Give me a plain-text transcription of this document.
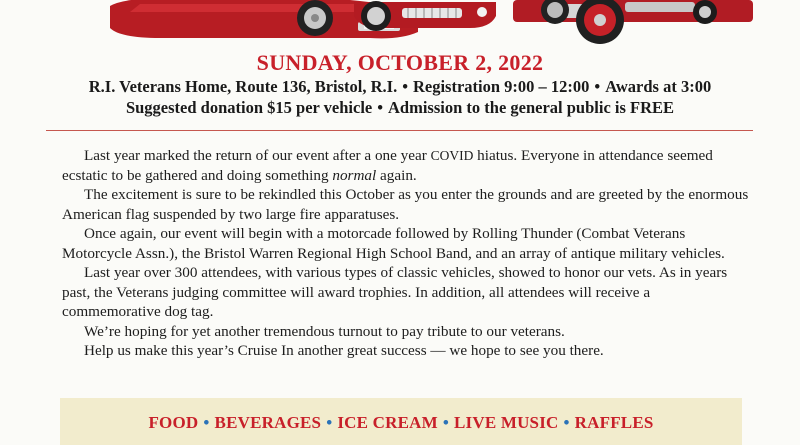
SUNDAY, OCTOBER 2, 2022
R.I. Veterans Home, Route 136, Bristol, R.I. • Registration 9:00 – 12:00 • Awards at 3:00
Suggested donation $15 per vehicle • Admission to the general public is FREE

Last year marked the return of our event after a one year COVID hiatus. Everyone in attendance seemed ecstatic to be gathered and doing something normal again.

The excitement is sure to be rekindled this October as you enter the grounds and are greeted by the enormous American flag suspended by two large fire apparatuses.

Once again, our event will begin with a motorcade followed by Rolling Thunder (Combat Veterans Motorcycle Assn.), the Bristol Warren Regional High School Band, and an array of antique military vehicles.

Last year over 300 attendees, with various types of classic vehicles, showed to honor our vets. As in years past, the Veterans judging committee will award trophies. In addition, all attendees will receive a commemorative dog tag.

We’re hoping for yet another tremendous turnout to pay tribute to our veterans.

Help us make this year’s Cruise In another great success — we hope to see you there.

FOOD • BEVERAGES • ICE CREAM • LIVE MUSIC • RAFFLES
